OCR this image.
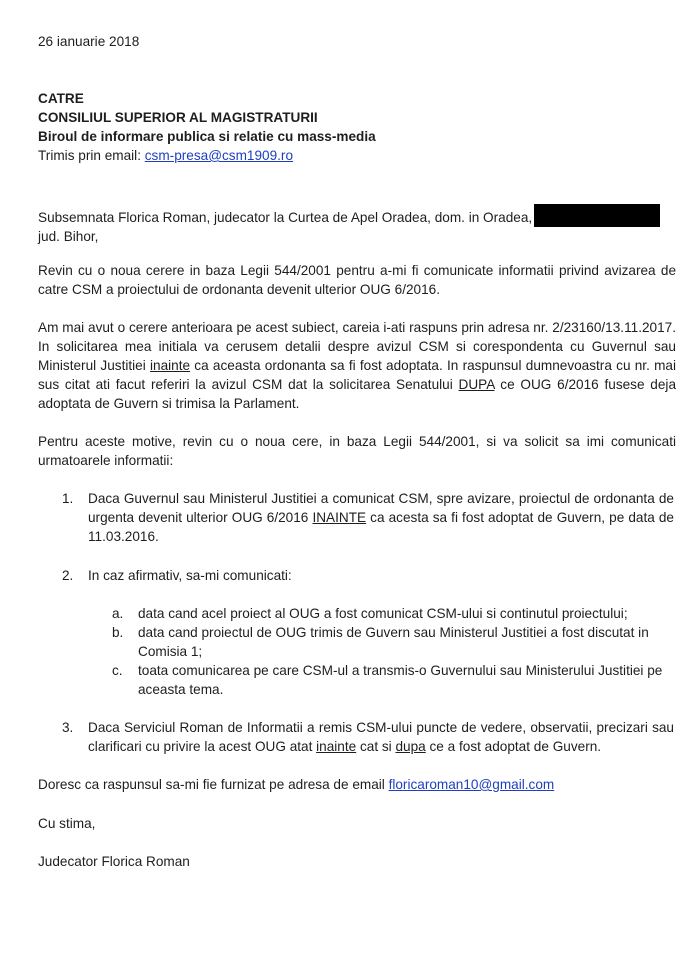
26 ianuarie 2018
CATRE
CONSILIUL SUPERIOR AL MAGISTRATURII
Biroul de informare publica si relatie cu mass-media
Trimis prin email: csm-presa@csm1909.ro
Subsemnata Florica Roman, judecator la Curtea de Apel Oradea, dom. in Oradea,
jud. Bihor,
Revin cu o noua cerere in baza Legii 544/2001 pentru a-mi fi comunicate informatii privind avizarea de catre CSM a proiectului de ordonanta devenit ulterior OUG 6/2016.
Am mai avut o cerere anterioara pe acest subiect, careia i-ati raspuns prin adresa nr. 2/23160/13.11.2017. In solicitarea mea initiala va cerusem detalii despre avizul CSM si corespondenta cu Guvernul sau Ministerul Justitiei inainte ca aceasta ordonanta sa fi fost adoptata. In raspunsul dumnevoastra cu nr. mai sus citat ati facut referiri la avizul CSM dat la solicitarea Senatului DUPA ce OUG 6/2016 fusese deja adoptata de Guvern si trimisa la Parlament.
Pentru aceste motive, revin cu o noua cere, in baza Legii 544/2001, si va solicit sa imi comunicati urmatoarele informatii:
1. Daca Guvernul sau Ministerul Justitiei a comunicat CSM, spre avizare, proiectul de ordonanta de urgenta devenit ulterior OUG 6/2016 INAINTE ca acesta sa fi fost adoptat de Guvern, pe data de 11.03.2016.
2. In caz afirmativ, sa-mi comunicati:
a. data cand acel proiect al OUG a fost comunicat CSM-ului si continutul proiectului;
b. data cand proiectul de OUG trimis de Guvern sau Ministerul Justitiei a fost discutat in Comisia 1;
c. toata comunicarea pe care CSM-ul a transmis-o Guvernului sau Ministerului Justitiei pe aceasta tema.
3. Daca Serviciul Roman de Informatii a remis CSM-ului puncte de vedere, observatii, precizari sau clarificari cu privire la acest OUG atat inainte cat si dupa ce a fost adoptat de Guvern.
Doresc ca raspunsul sa-mi fie furnizat pe adresa de email floricaroman10@gmail.com
Cu stima,
Judecator Florica Roman
